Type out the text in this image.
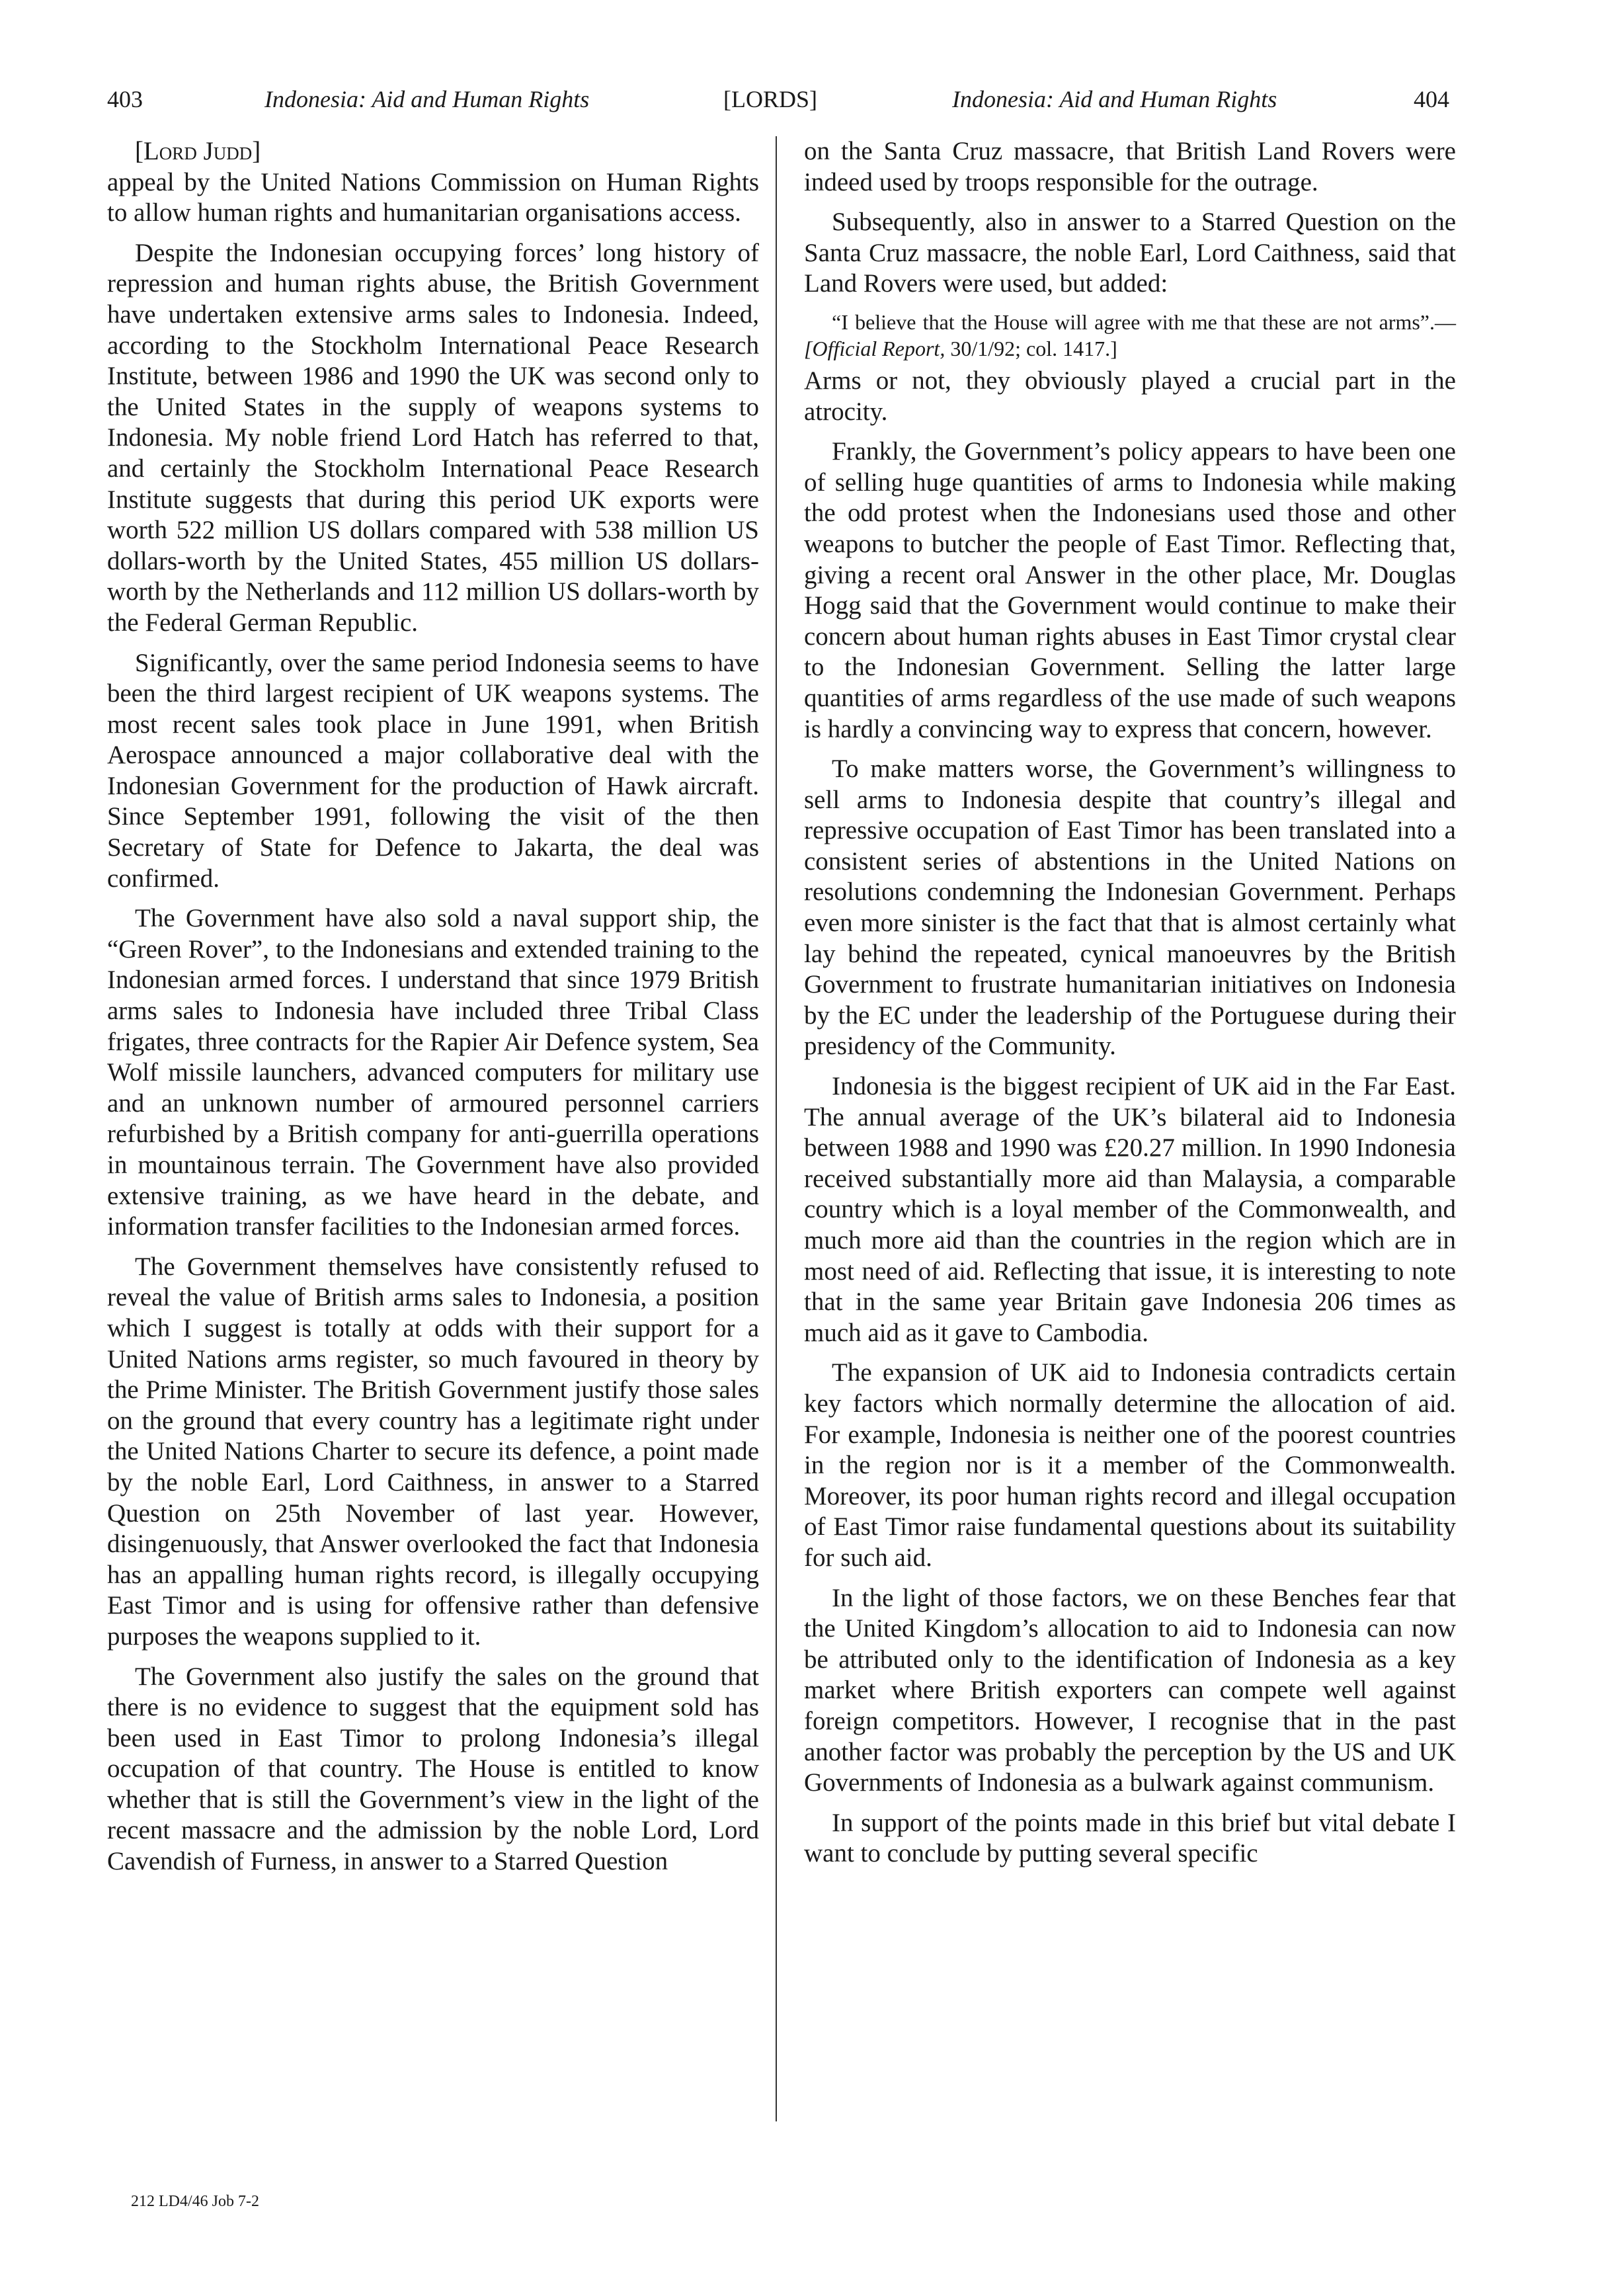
403	Indonesia: Aid and Human Rights	[LORDS]	Indonesia: Aid and Human Rights	404
[Lord Judd]

appeal by the United Nations Commission on Human Rights to allow human rights and humanitarian organisations access.

Despite the Indonesian occupying forces’ long history of repression and human rights abuse, the British Government have undertaken extensive arms sales to Indonesia. Indeed, according to the Stockholm International Peace Research Institute, between 1986 and 1990 the UK was second only to the United States in the supply of weapons systems to Indonesia. My noble friend Lord Hatch has referred to that, and certainly the Stockholm International Peace Research Institute suggests that during this period UK exports were worth 522 million US dollars compared with 538 million US dollars-worth by the United States, 455 million US dollars-worth by the Netherlands and 112 million US dollars-worth by the Federal German Republic.

Significantly, over the same period Indonesia seems to have been the third largest recipient of UK weapons systems. The most recent sales took place in June 1991, when British Aerospace announced a major collaborative deal with the Indonesian Government for the production of Hawk aircraft. Since September 1991, following the visit of the then Secretary of State for Defence to Jakarta, the deal was confirmed.

The Government have also sold a naval support ship, the “Green Rover”, to the Indonesians and extended training to the Indonesian armed forces. I understand that since 1979 British arms sales to Indonesia have included three Tribal Class frigates, three contracts for the Rapier Air Defence system, Sea Wolf missile launchers, advanced computers for military use and an unknown number of armoured personnel carriers refurbished by a British company for anti-guerrilla operations in mountainous terrain. The Government have also provided extensive training, as we have heard in the debate, and information transfer facilities to the Indonesian armed forces.

The Government themselves have consistently refused to reveal the value of British arms sales to Indonesia, a position which I suggest is totally at odds with their support for a United Nations arms register, so much favoured in theory by the Prime Minister. The British Government justify those sales on the ground that every country has a legitimate right under the United Nations Charter to secure its defence, a point made by the noble Earl, Lord Caithness, in answer to a Starred Question on 25th November of last year. However, disingenuously, that Answer overlooked the fact that Indonesia has an appalling human rights record, is illegally occupying East Timor and is using for offensive rather than defensive purposes the weapons supplied to it.

The Government also justify the sales on the ground that there is no evidence to suggest that the equipment sold has been used in East Timor to prolong Indonesia’s illegal occupation of that country. The House is entitled to know whether that is still the Government’s view in the light of the recent massacre and the admission by the noble Lord, Lord Cavendish of Furness, in answer to a Starred Question

on the Santa Cruz massacre, that British Land Rovers were indeed used by troops responsible for the outrage.

Subsequently, also in answer to a Starred Question on the Santa Cruz massacre, the noble Earl, Lord Caithness, said that Land Rovers were used, but added:

“I believe that the House will agree with me that these are not arms”.—[Official Report, 30/1/92; col. 1417.]

Arms or not, they obviously played a crucial part in the atrocity.

Frankly, the Government’s policy appears to have been one of selling huge quantities of arms to Indonesia while making the odd protest when the Indonesians used those and other weapons to butcher the people of East Timor. Reflecting that, giving a recent oral Answer in the other place, Mr. Douglas Hogg said that the Government would continue to make their concern about human rights abuses in East Timor crystal clear to the Indonesian Government. Selling the latter large quantities of arms regardless of the use made of such weapons is hardly a convincing way to express that concern, however.

To make matters worse, the Government’s willingness to sell arms to Indonesia despite that country’s illegal and repressive occupation of East Timor has been translated into a consistent series of abstentions in the United Nations on resolutions condemning the Indonesian Government. Perhaps even more sinister is the fact that that is almost certainly what lay behind the repeated, cynical manoeuvres by the British Government to frustrate humanitarian initiatives on Indonesia by the EC under the leadership of the Portuguese during their presidency of the Community.

Indonesia is the biggest recipient of UK aid in the Far East. The annual average of the UK’s bilateral aid to Indonesia between 1988 and 1990 was £20.27 million. In 1990 Indonesia received substantially more aid than Malaysia, a comparable country which is a loyal member of the Commonwealth, and much more aid than the countries in the region which are in most need of aid. Reflecting that issue, it is interesting to note that in the same year Britain gave Indonesia 206 times as much aid as it gave to Cambodia.

The expansion of UK aid to Indonesia contradicts certain key factors which normally determine the allocation of aid. For example, Indonesia is neither one of the poorest countries in the region nor is it a member of the Commonwealth. Moreover, its poor human rights record and illegal occupation of East Timor raise fundamental questions about its suitability for such aid.

In the light of those factors, we on these Benches fear that the United Kingdom’s allocation to aid to Indonesia can now be attributed only to the identification of Indonesia as a key market where British exporters can compete well against foreign competitors. However, I recognise that in the past another factor was probably the perception by the US and UK Governments of Indonesia as a bulwark against communism.

In support of the points made in this brief but vital debate I want to conclude by putting several specific

212 LD4/46 Job 7-2
